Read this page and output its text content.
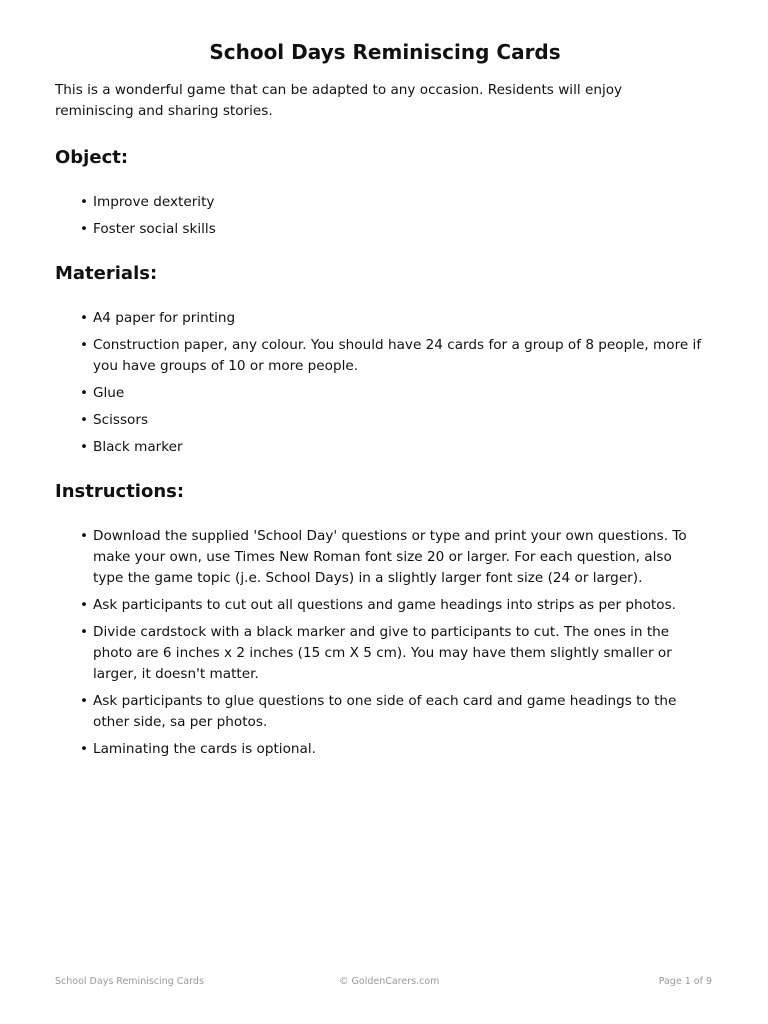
School Days Reminiscing Cards

This is a wonderful game that can be adapted to any occasion. Residents will enjoy reminiscing and sharing stories.

Object:
• Improve dexterity
• Foster social skills
Materials:
• A4 paper for printing
• Construction paper, any colour. You should have 24 cards for a group of 8 people, more if you have groups of 10 or more people.
• Glue
• Scissors
• Black marker
Instructions:
• Download the supplied 'School Day' questions or type and print your own questions. To make your own, use Times New Roman font size 20 or larger. For each question, also type the game topic (j.e. School Days) in a slightly larger font size (24 or larger).
• Ask participants to cut out all questions and game headings into strips as per photos.
• Divide cardstock with a black marker and give to participants to cut. The ones in the photo are 6 inches x 2 inches (15 cm X 5 cm). You may have them slightly smaller or larger, it doesn't matter.
• Ask participants to glue questions to one side of each card and game headings to the other side, sa per photos.
• Laminating the cards is optional.
School Days Reminiscing Cards	© GoldenCarers.com	Page 1 of 9
